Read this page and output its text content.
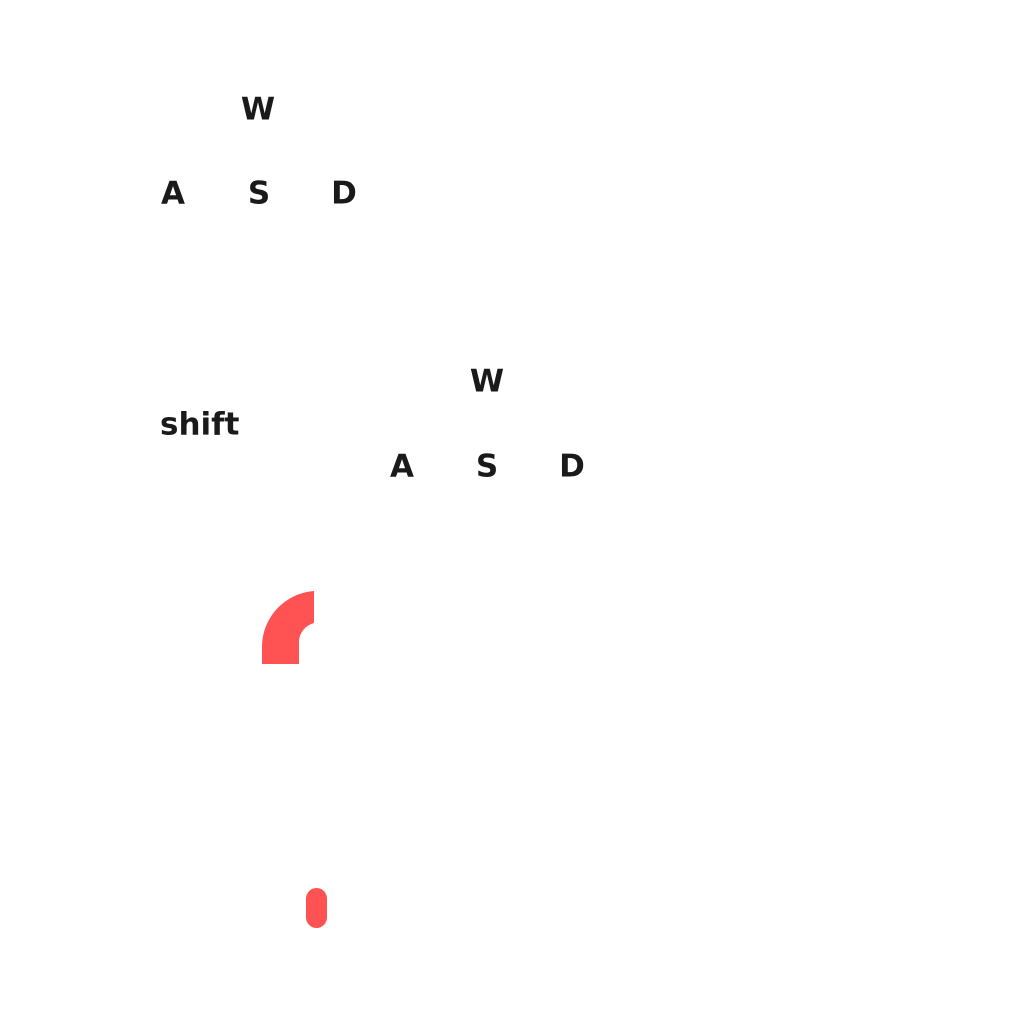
W
A S D
shift
W
A S D
